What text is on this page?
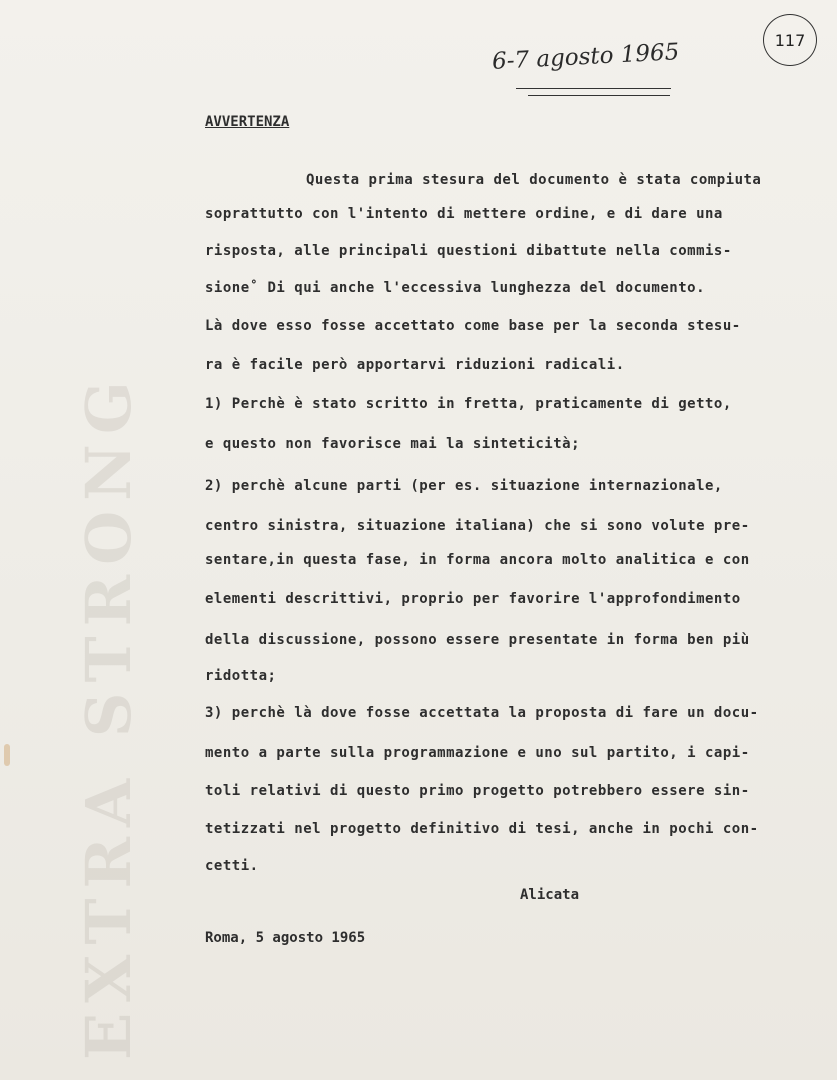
EXTRA STRONG
117
6-7 agosto 1965
AVVERTENZA
Questa prima stesura del documento è stata compiuta
soprattutto con l'intento di mettere ordine, e di dare una
risposta, alle principali questioni dibattute nella commis-
sione˚ Di qui anche l'eccessiva lunghezza del documento.
Là dove esso fosse accettato come base per la seconda stesu-
ra è facile però apportarvi riduzioni radicali.
1) Perchè è stato scritto in fretta, praticamente di getto,
e questo non favorisce mai la sinteticità;
2) perchè alcune parti (per es. situazione internazionale,
centro sinistra, situazione italiana) che si sono volute pre-
sentare,in questa fase, in forma ancora molto analitica e con
elementi descrittivi, proprio per favorire l'approfondimento
della discussione, possono essere presentate in forma ben più
ridotta;
3) perchè là dove fosse accettata la proposta di fare un docu-
mento a parte sulla programmazione e uno sul partito, i capi-
toli relativi di questo primo progetto potrebbero essere sin-
tetizzati nel progetto definitivo di tesi, anche in pochi con-
cetti.
Alicata
Roma, 5 agosto 1965
